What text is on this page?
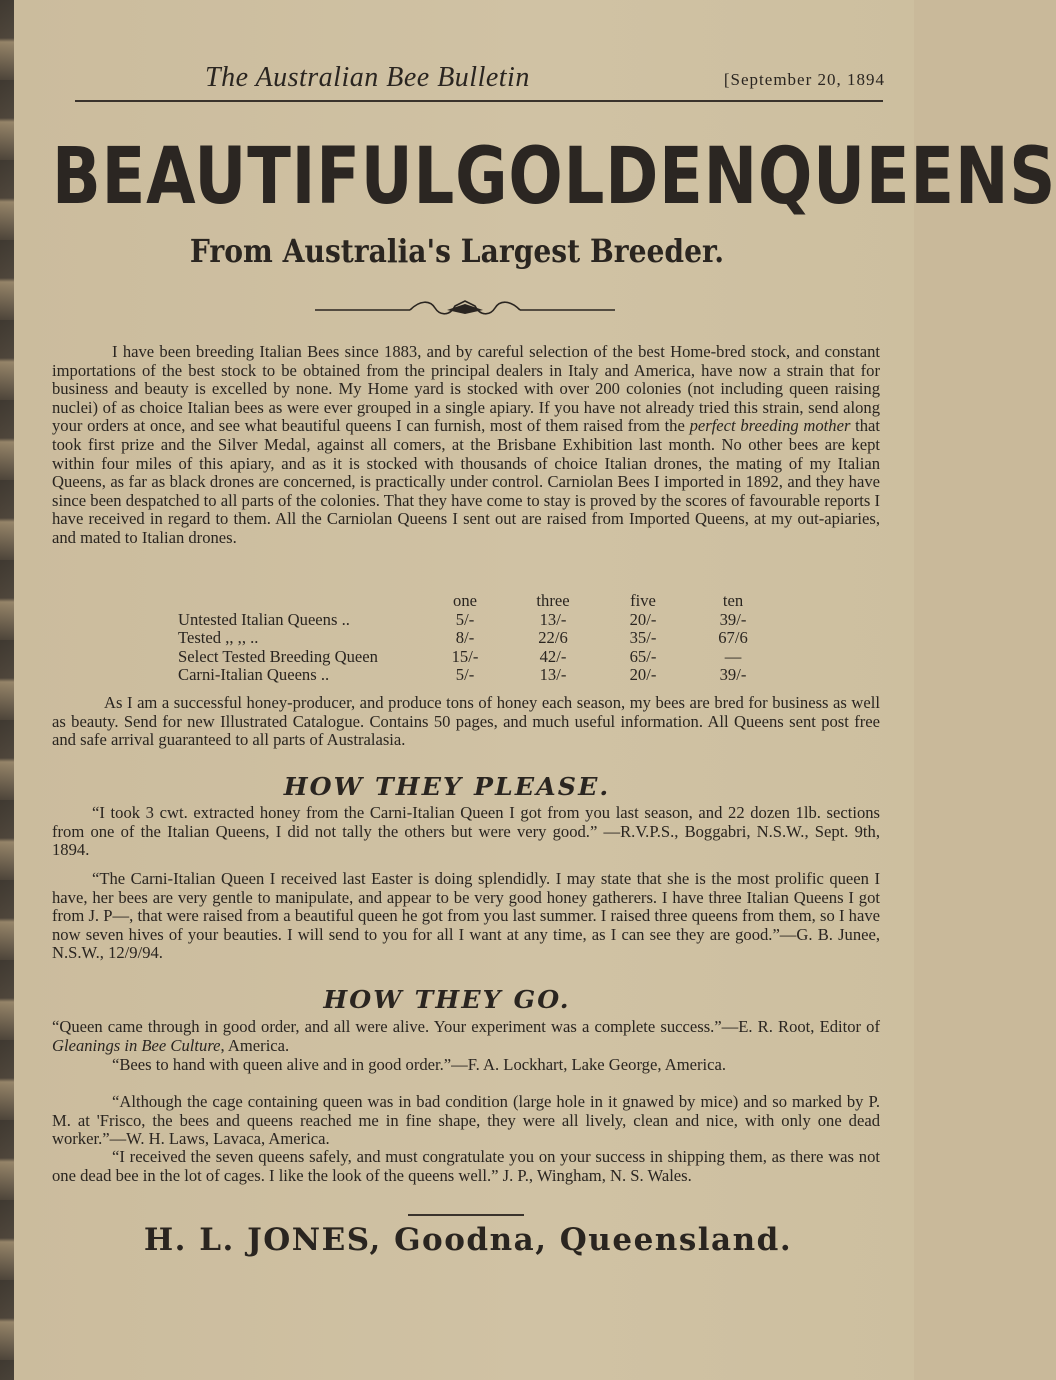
The Australian Bee Bulletin	[September 20, 1894
BEAUTIFUL GOLDEN QUEENS
From Australia's Largest Breeder.
I have been breeding Italian Bees since 1883, and by careful selection of the best Home-bred stock, and constant importations of the best stock to be obtained from the principal dealers in Italy and America, have now a strain that for business and beauty is excelled by none. My Home yard is stocked with over 200 colonies (not including queen raising nuclei) of as choice Italian bees as were ever grouped in a single apiary. If you have not already tried this strain, send along your orders at once, and see what beautiful queens I can furnish, most of them raised from the perfect breeding mother that took first prize and the Silver Medal, against all comers, at the Brisbane Exhibition last month. No other bees are kept within four miles of this apiary, and as it is stocked with thousands of choice Italian drones, the mating of my Italian Queens, as far as black drones are concerned, is practically under control. Carniolan Bees I imported in 1892, and they have since been despatched to all parts of the colonies. That they have come to stay is proved by the scores of favourable reports I have received in regard to them. All the Carniolan Queens I sent out are raised from Imported Queens, at my out-apiaries, and mated to Italian drones.
one	three	five	ten
Untested Italian Queens ..	5/-	13/-	20/-	39/-
Tested ,, ,, ..	8/-	22/6	35/-	67/6
Select Tested Breeding Queen	15/-	42/-	65/-	—
Carni-Italian Queens ..	5/-	13/-	20/-	39/-
As I am a successful honey-producer, and produce tons of honey each season, my bees are bred for business as well as beauty. Send for new Illustrated Catalogue. Contains 50 pages, and much useful information. All Queens sent post free and safe arrival guaranteed to all parts of Australasia.
HOW THEY PLEASE.
“I took 3 cwt. extracted honey from the Carni-Italian Queen I got from you last season, and 22 dozen 1lb. sections from one of the Italian Queens, I did not tally the others but were very good.” —R.V.P.S., Boggabri, N.S.W., Sept. 9th, 1894.
“The Carni-Italian Queen I received last Easter is doing splendidly. I may state that she is the most prolific queen I have, her bees are very gentle to manipulate, and appear to be very good honey gatherers. I have three Italian Queens I got from J. P—, that were raised from a beautiful queen he got from you last summer. I raised three queens from them, so I have now seven hives of your beauties. I will send to you for all I want at any time, as I can see they are good.”—G. B. Junee, N.S.W., 12/9/94.
HOW THEY GO.
“Queen came through in good order, and all were alive. Your experiment was a complete success.”—E. R. Root, Editor of Gleanings in Bee Culture, America.
“Bees to hand with queen alive and in good order.”—F. A. Lockhart, Lake George, America.
“Although the cage containing queen was in bad condition (large hole in it gnawed by mice) and so marked by P. M. at 'Frisco, the bees and queens reached me in fine shape, they were all lively, clean and nice, with only one dead worker.”—W. H. Laws, Lavaca, America.
“I received the seven queens safely, and must congratulate you on your success in shipping them, as there was not one dead bee in the lot of cages. I like the look of the queens well.” J. P., Wingham, N. S. Wales.
H. L. JONES, Goodna, Queensland.
